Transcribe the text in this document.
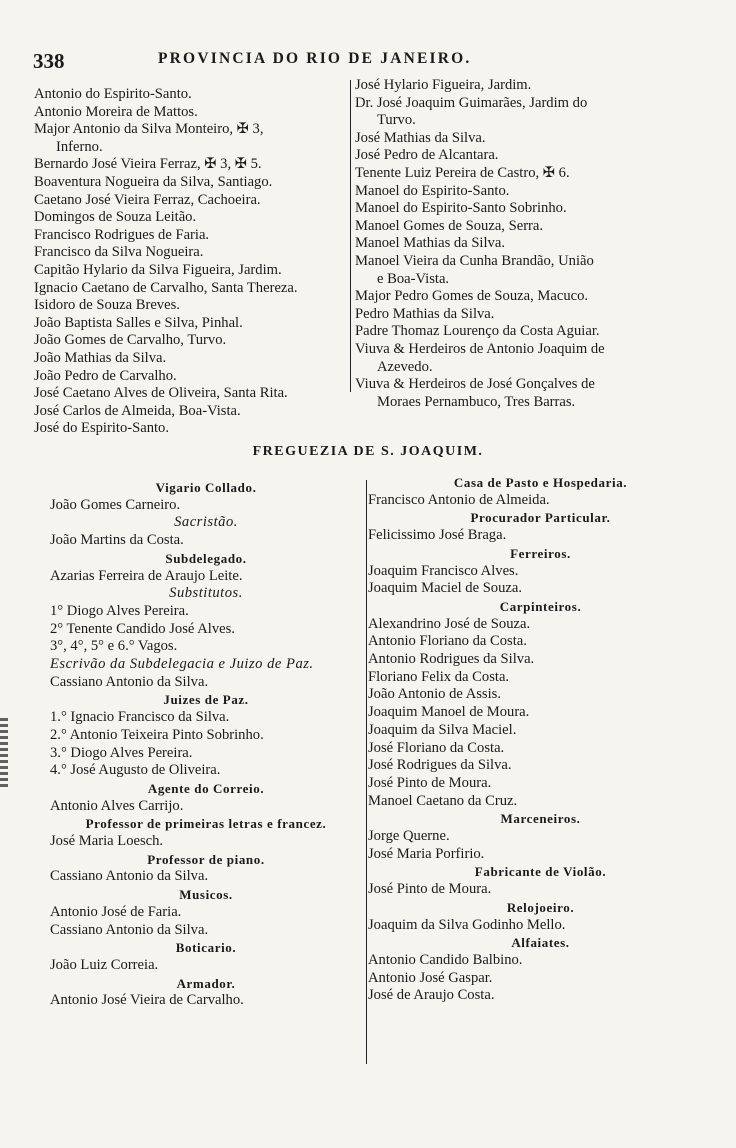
338	PROVINCIA DO RIO DE JANEIRO.
Antonio do Espirito-Santo.
Antonio Moreira de Mattos.
Major Antonio da Silva Monteiro, ✠ 3,
Inferno.
Bernardo José Vieira Ferraz, ✠ 3, ✠ 5.
Boaventura Nogueira da Silva, Santiago.
Caetano José Vieira Ferraz, Cachoeira.
Domingos de Souza Leitão.
Francisco Rodrigues de Faria.
Francisco da Silva Nogueira.
Capitão Hylario da Silva Figueira, Jardim.
Ignacio Caetano de Carvalho, Santa Thereza.
Isidoro de Souza Breves.
João Baptista Salles e Silva, Pinhal.
João Gomes de Carvalho, Turvo.
João Mathias da Silva.
João Pedro de Carvalho.
José Caetano Alves de Oliveira, Santa Rita.
José Carlos de Almeida, Boa-Vista.
José do Espirito-Santo.
José Hylario Figueira, Jardim.
Dr. José Joaquim Guimarães, Jardim do
Turvo.
José Mathias da Silva.
José Pedro de Alcantara.
Tenente Luiz Pereira de Castro, ✠ 6.
Manoel do Espirito-Santo.
Manoel do Espirito-Santo Sobrinho.
Manoel Gomes de Souza, Serra.
Manoel Mathias da Silva.
Manoel Vieira da Cunha Brandão, União
e Boa-Vista.
Major Pedro Gomes de Souza, Macuco.
Pedro Mathias da Silva.
Padre Thomaz Lourenço da Costa Aguiar.
Viuva & Herdeiros de Antonio Joaquim de
Azevedo.
Viuva & Herdeiros de José Gonçalves de
Moraes Pernambuco, Tres Barras.
FREGUEZIA DE S. JOAQUIM.
Vigario Collado.
João Gomes Carneiro.
Sacristão.
João Martins da Costa.
Subdelegado.
Azarias Ferreira de Araujo Leite.
Substitutos.
1° Diogo Alves Pereira.
2° Tenente Candido José Alves.
3°, 4°, 5° e 6.° Vagos.
Escrivão da Subdelegacia e Juizo de Paz.
Cassiano Antonio da Silva.
Juizes de Paz.
1.° Ignacio Francisco da Silva.
2.° Antonio Teixeira Pinto Sobrinho.
3.° Diogo Alves Pereira.
4.° José Augusto de Oliveira.
Agente do Correio.
Antonio Alves Carrijo.
Professor de primeiras letras e francez.
José Maria Loesch.
Professor de piano.
Cassiano Antonio da Silva.
Musicos.
Antonio José de Faria.
Cassiano Antonio da Silva.
Boticario.
João Luiz Correia.
Armador.
Antonio José Vieira de Carvalho.
Casa de Pasto e Hospedaria.
Francisco Antonio de Almeida.
Procurador Particular.
Felicissimo José Braga.
Ferreiros.
Joaquim Francisco Alves.
Joaquim Maciel de Souza.
Carpinteiros.
Alexandrino José de Souza.
Antonio Floriano da Costa.
Antonio Rodrigues da Silva.
Floriano Felix da Costa.
João Antonio de Assis.
Joaquim Manoel de Moura.
Joaquim da Silva Maciel.
José Floriano da Costa.
José Rodrigues da Silva.
José Pinto de Moura.
Manoel Caetano da Cruz.
Marceneiros.
Jorge Querne.
José Maria Porfirio.
Fabricante de Violão.
José Pinto de Moura.
Relojoeiro.
Joaquim da Silva Godinho Mello.
Alfaiates.
Antonio Candido Balbino.
Antonio José Gaspar.
José de Araujo Costa.
